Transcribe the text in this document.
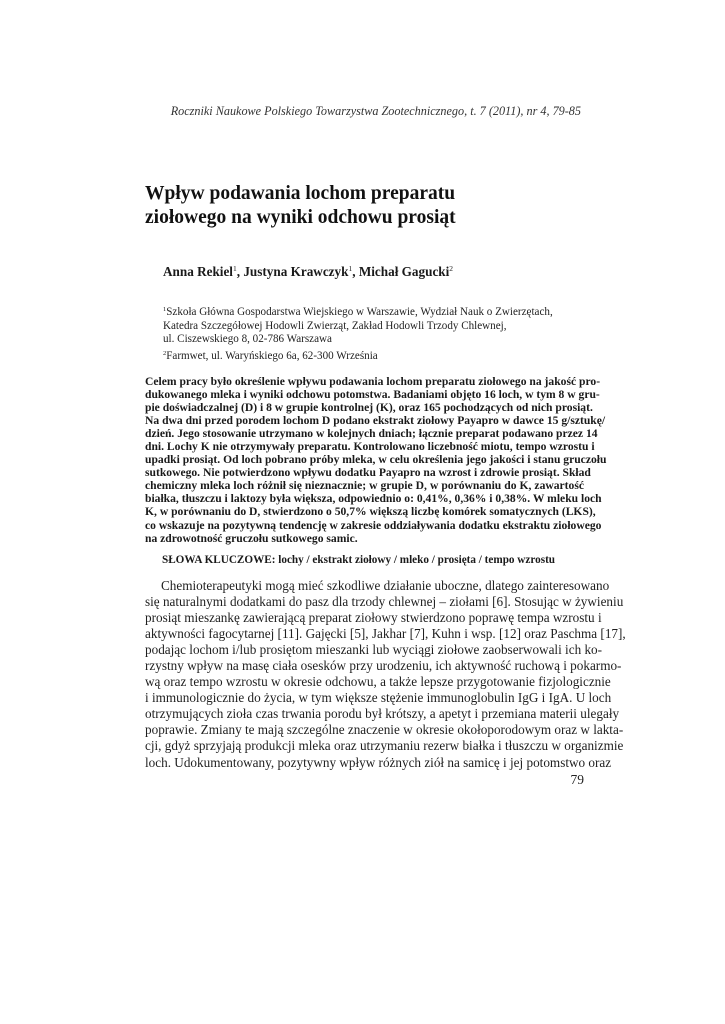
Roczniki Naukowe Polskiego Towarzystwa Zootechnicznego, t. 7 (2011), nr 4, 79-85
Wpływ podawania lochom preparatu
ziołowego na wyniki odchowu prosiąt
Anna Rekiel$^1$, Justyna Krawczyk$^1$, Michał Gagucki$^2$
$^1$Szkoła Główna Gospodarstwa Wiejskiego w Warszawie, Wydział Nauk o Zwierzętach,
Katedra Szczegółowej Hodowli Zwierząt, Zakład Hodowli Trzody Chlewnej,
ul. Ciszewskiego 8, 02-786 Warszawa
$^2$Farmwet, ul. Waryńskiego 6a, 62-300 Września
Celem pracy było określenie wpływu podawania lochom preparatu ziołowego na jakość pro-
dukowanego mleka i wyniki odchowu potomstwa. Badaniami objęto 16 loch, w tym 8 w gru-
pie doświadczalnej (D) i 8 w grupie kontrolnej (K), oraz 165 pochodzących od nich prosiąt.
Na dwa dni przed porodem lochom D podano ekstrakt ziołowy Payapro w dawce 15 g/sztukę/
dzień. Jego stosowanie utrzymano w kolejnych dniach; łącznie preparat podawano przez 14
dni. Lochy K nie otrzymywały preparatu. Kontrolowano liczebność miotu, tempo wzrostu i
upadki prosiąt. Od loch pobrano próby mleka, w celu określenia jego jakości i stanu gruczołu
sutkowego. Nie potwierdzono wpływu dodatku Payapro na wzrost i zdrowie prosiąt. Skład
chemiczny mleka loch różnił się nieznacznie; w grupie D, w porównaniu do K, zawartość
białka, tłuszczu i laktozy była większa, odpowiednio o: 0,41%, 0,36% i 0,38%. W mleku loch
K, w porównaniu do D, stwierdzono o 50,7% większą liczbę komórek somatycznych (LKS),
co wskazuje na pozytywną tendencję w zakresie oddziaływania dodatku ekstraktu ziołowego
na zdrowotność gruczołu sutkowego samic.
SŁOWA KLUCZOWE: lochy / ekstrakt ziołowy / mleko / prosięta / tempo wzrostu
Chemioterapeutyki mogą mieć szkodliwe działanie uboczne, dlatego zainteresowano
się naturalnymi dodatkami do pasz dla trzody chlewnej – ziołami [6]. Stosując w żywieniu
prosiąt mieszankę zawierającą preparat ziołowy stwierdzono poprawę tempa wzrostu i
aktywności fagocytarnej [11]. Gajęcki [5], Jakhar [7], Kuhn i wsp. [12] oraz Paschma [17],
podając lochom i/lub prosiętom mieszanki lub wyciągi ziołowe zaobserwowali ich ko-
rzystny wpływ na masę ciała osesków przy urodzeniu, ich aktywność ruchową i pokarmo-
wą oraz tempo wzrostu w okresie odchowu, a także lepsze przygotowanie fizjologicznie
i immunologicznie do życia, w tym większe stężenie immunoglobulin IgG i IgA. U loch
otrzymujących zioła czas trwania porodu był krótszy, a apetyt i przemiana materii ulegały
poprawie. Zmiany te mają szczególne znaczenie w okresie okołoporodowym oraz w lakta-
cji, gdyż sprzyjają produkcji mleka oraz utrzymaniu rezerw białka i tłuszczu w organizmie
loch. Udokumentowany, pozytywny wpływ różnych ziół na samicę i jej potomstwo oraz
79
